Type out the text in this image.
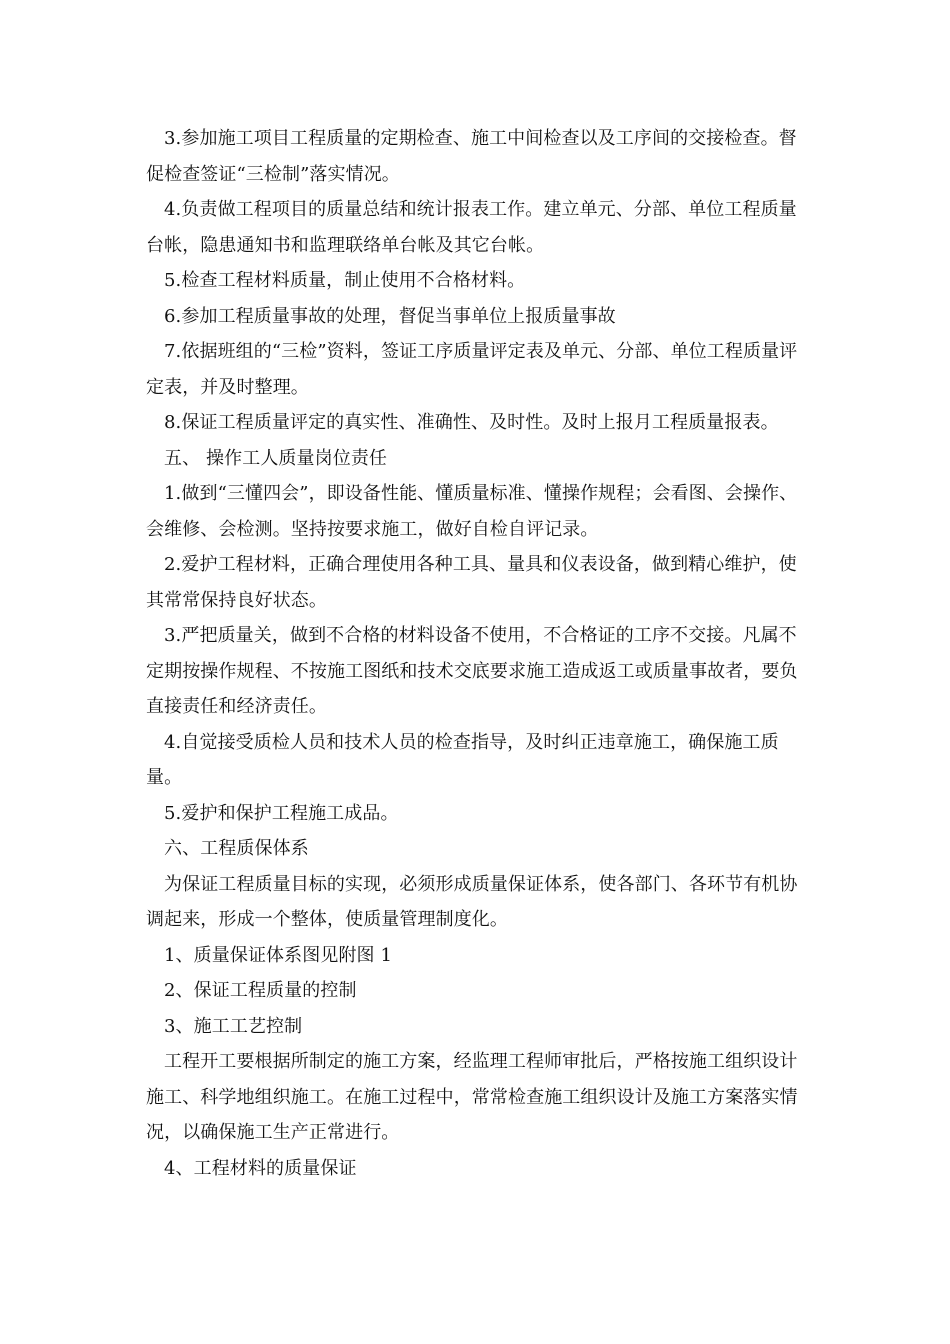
3.参加施工项目工程质量的定期检查、施工中间检查以及工序间的交接检查。督促检查签证“三检制”落实情况。

4.负责做工程项目的质量总结和统计报表工作。建立单元、分部、单位工程质量台帐，隐患通知书和监理联络单台帐及其它台帐。

5.检查工程材料质量，制止使用不合格材料。

6.参加工程质量事故的处理，督促当事单位上报质量事故

7.依据班组的“三检”资料，签证工序质量评定表及单元、分部、单位工程质量评定表，并及时整理。

8.保证工程质量评定的真实性、准确性、及时性。及时上报月工程质量报表。

五、 操作工人质量岗位责任

1.做到“三懂四会”，即设备性能、懂质量标准、懂操作规程；会看图、会操作、会维修、会检测。坚持按要求施工，做好自检自评记录。

2.爱护工程材料，正确合理使用各种工具、量具和仪表设备，做到精心维护，使其常常保持良好状态。

3.严把质量关，做到不合格的材料设备不使用，不合格证的工序不交接。凡属不定期按操作规程、不按施工图纸和技术交底要求施工造成返工或质量事故者，要负直接责任和经济责任。

4.自觉接受质检人员和技术人员的检查指导，及时纠正违章施工，确保施工质量。

5.爱护和保护工程施工成品。

六、工程质保体系

为保证工程质量目标的实现，必须形成质量保证体系，使各部门、各环节有机协调起来，形成一个整体，使质量管理制度化。

1、质量保证体系图见附图 1

2、保证工程质量的控制

3、施工工艺控制

工程开工要根据所制定的施工方案，经监理工程师审批后，严格按施工组织设计施工、科学地组织施工。在施工过程中，常常检查施工组织设计及施工方案落实情况，以确保施工生产正常进行。

4、工程材料的质量保证
